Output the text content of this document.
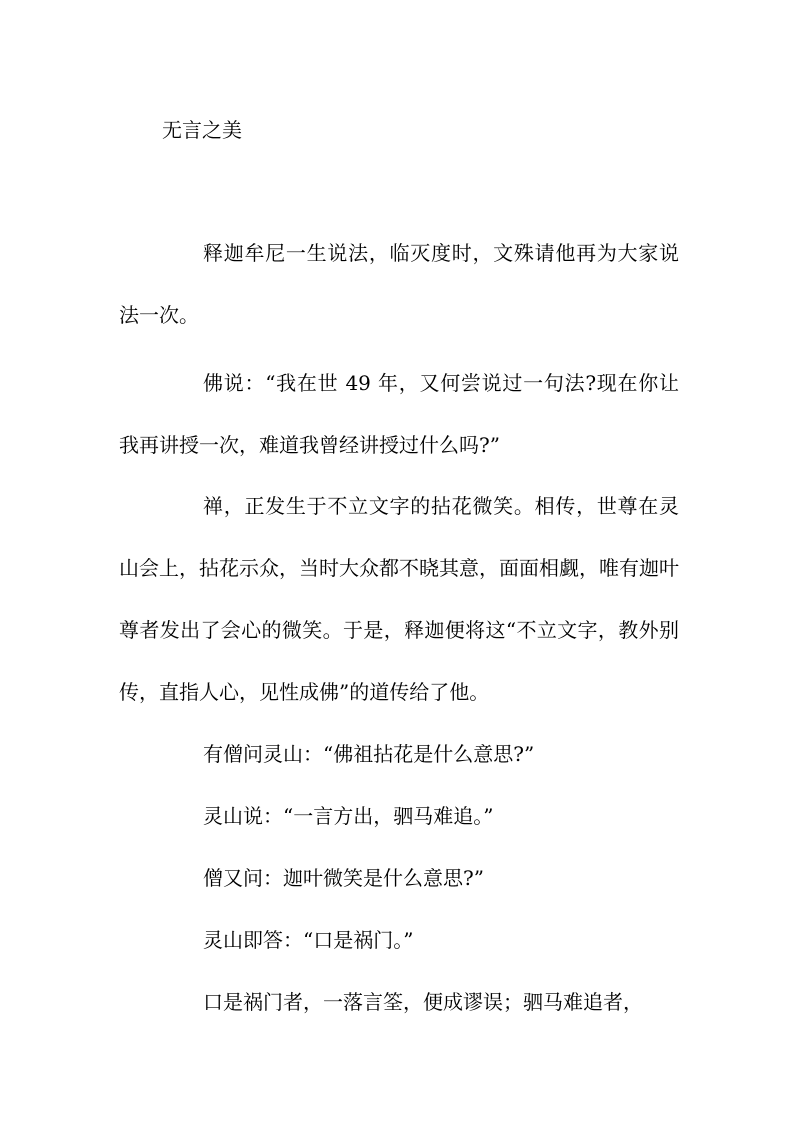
无言之美

释迦牟尼一生说法，临灭度时，文殊请他再为大家说法一次。

佛说：“我在世 49 年，又何尝说过一句法?现在你让我再讲授一次，难道我曾经讲授过什么吗?”

禅，正发生于不立文字的拈花微笑。相传，世尊在灵山会上，拈花示众，当时大众都不晓其意，面面相觑，唯有迦叶尊者发出了会心的微笑。于是，释迦便将这“不立文字，教外别传，直指人心，见性成佛”的道传给了他。

有僧问灵山：“佛祖拈花是什么意思?”

灵山说：“一言方出，驷马难追。”

僧又问：迦叶微笑是什么意思?”

灵山即答：“口是祸门。”

口是祸门者，一落言筌，便成谬误；驷马难追者，
